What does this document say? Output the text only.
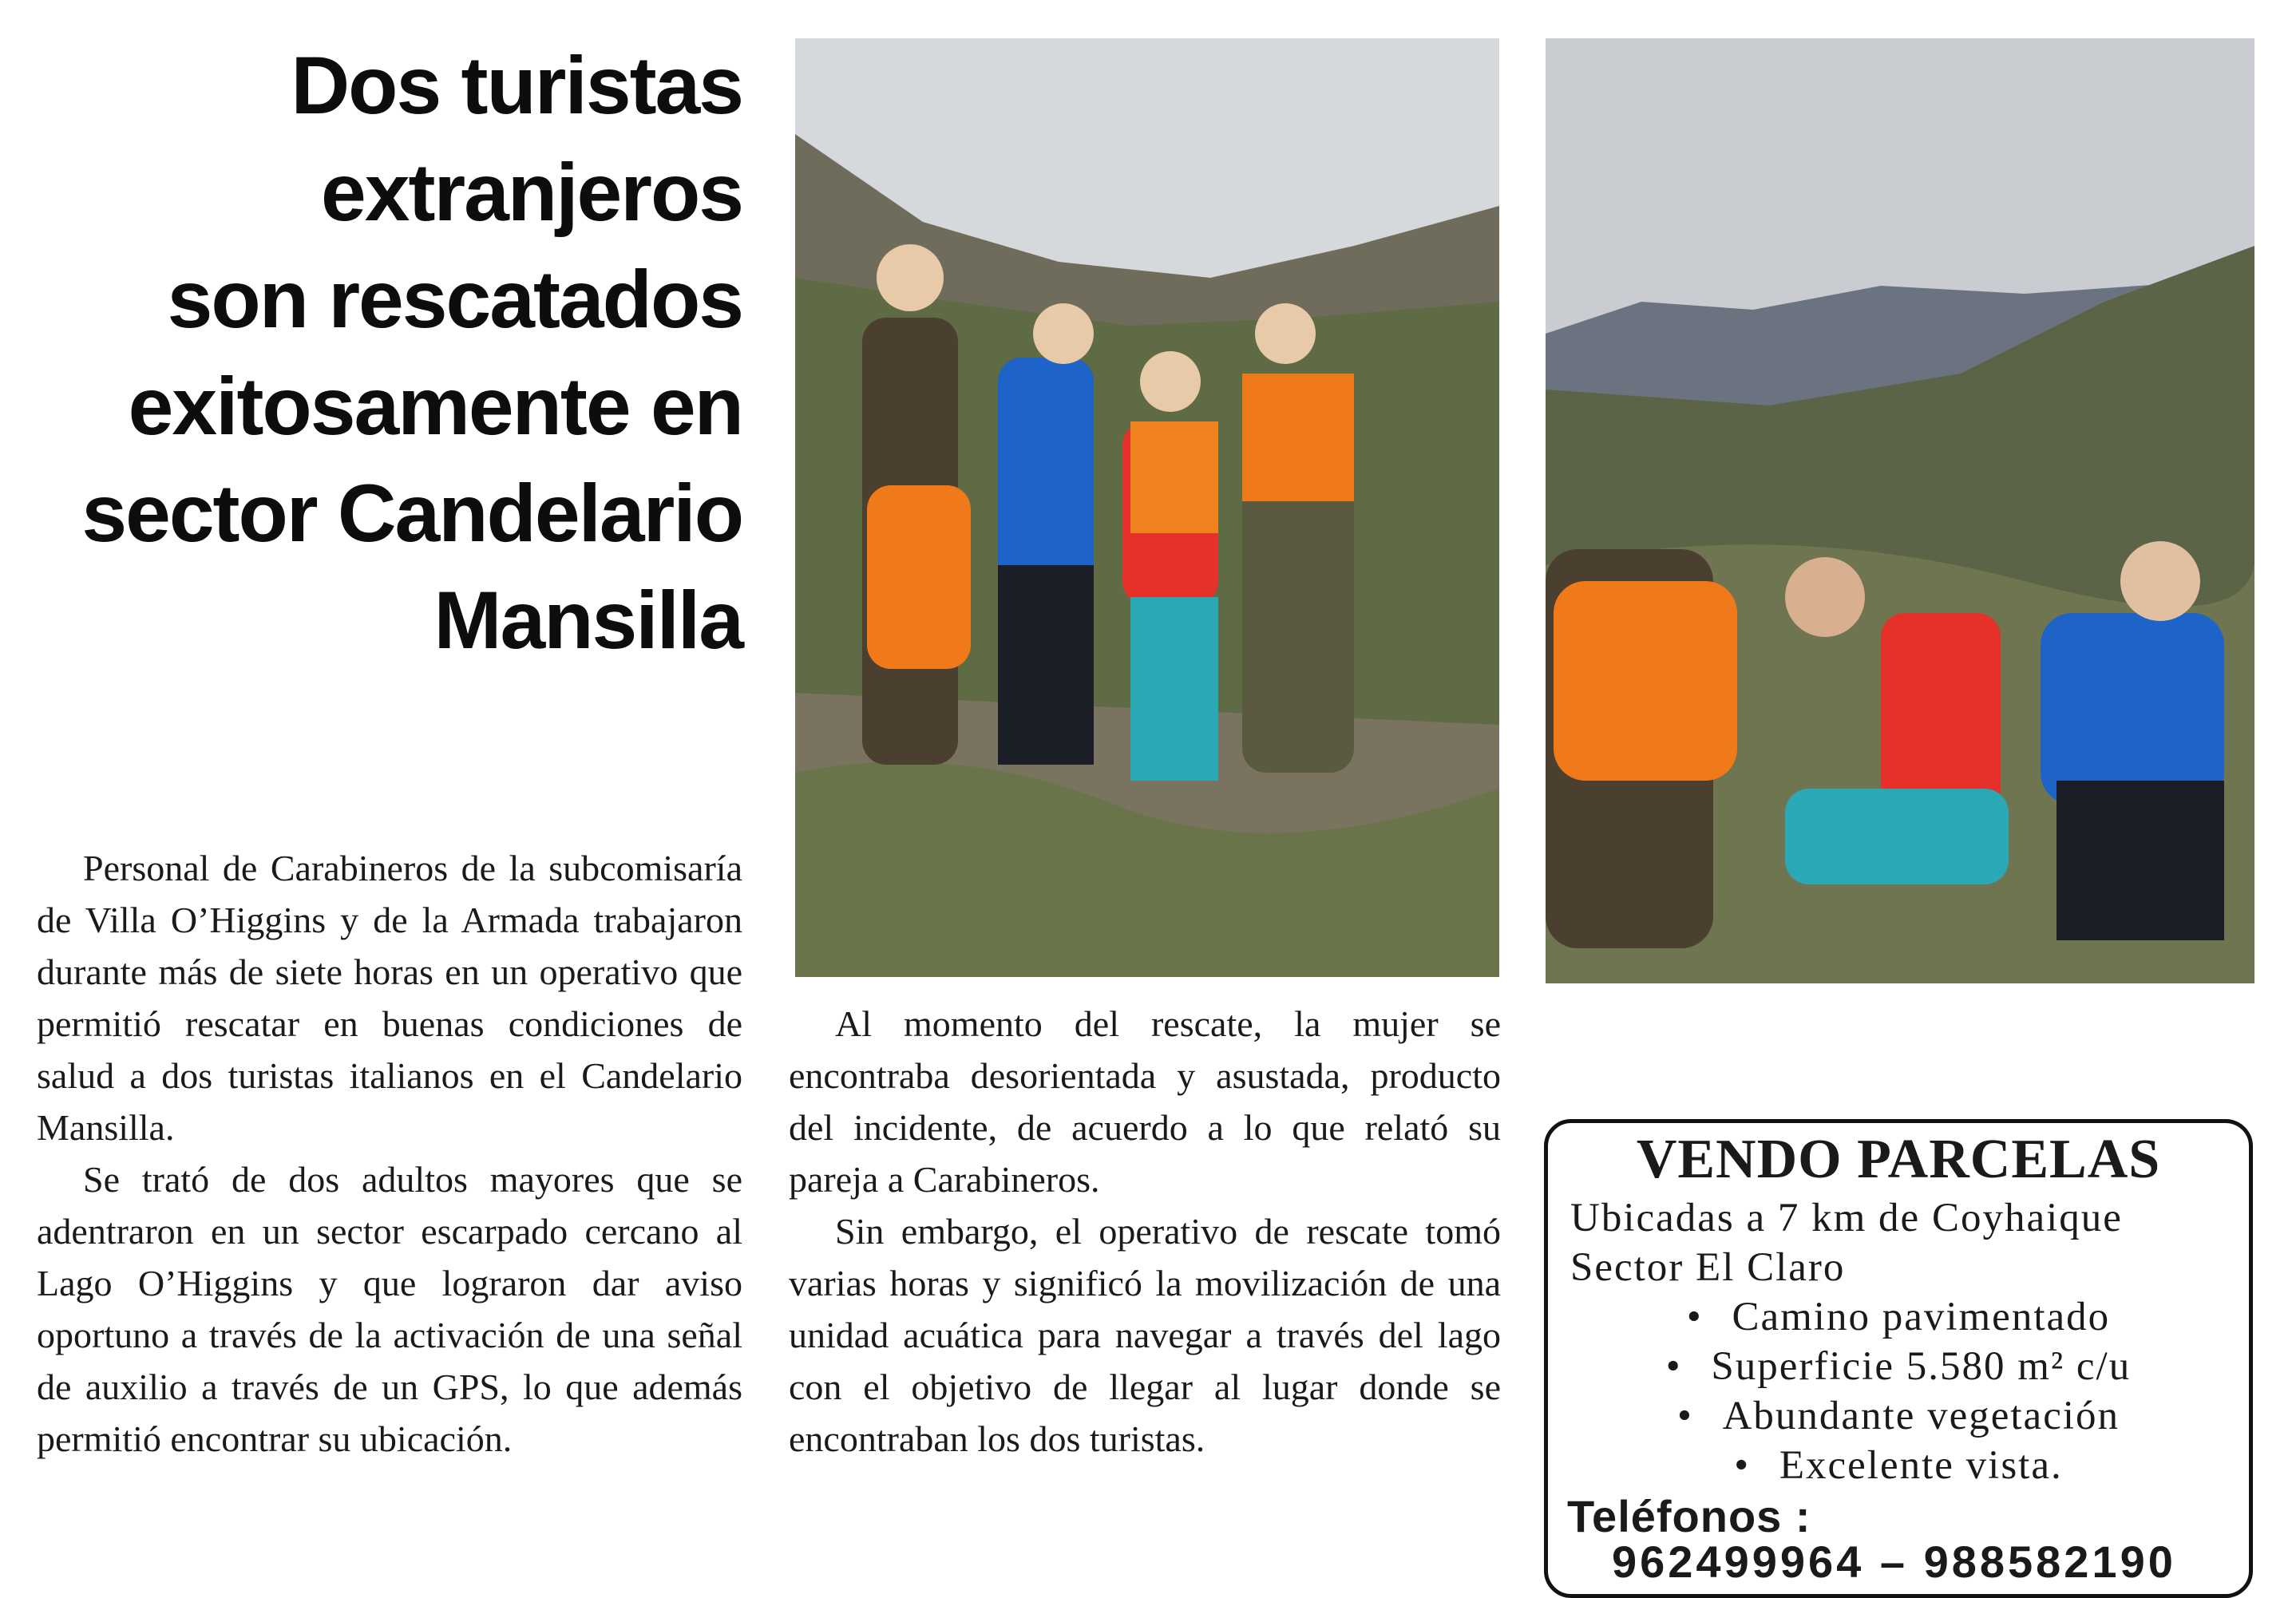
Dos turistas
extranjeros
son rescatados
exitosamente en
sector Candelario
Mansilla

Personal de Carabineros de la subcomisaría de Villa O’Higgins y de la Armada trabajaron durante más de siete horas en un operativo que permitió rescatar en buenas condiciones de salud a dos turistas italianos en el Candelario Mansilla.

Se trató de dos adultos mayores que se adentraron en un sector escarpado cercano al Lago O’Higgins y que lograron dar aviso oportuno a través de la activación de una señal de auxilio a través de un GPS, lo que además permitió encontrar su ubicación.

Al momento del rescate, la mujer se encontraba desorientada y asustada, producto del incidente, de acuerdo a lo que relató su pareja a Carabineros.

Sin embargo, el operativo de rescate tomó varias horas y significó la movilización de una unidad acuática para navegar a través del lago con el objetivo de llegar al lugar donde se encontraban los dos turistas.

VENDO PARCELAS
Ubicadas a 7 km de Coyhaique
Sector El Claro
• Camino pavimentado
• Superficie 5.580 m² c/u
• Abundante vegetación
• Excelente vista.
Teléfonos :
962499964 – 988582190
